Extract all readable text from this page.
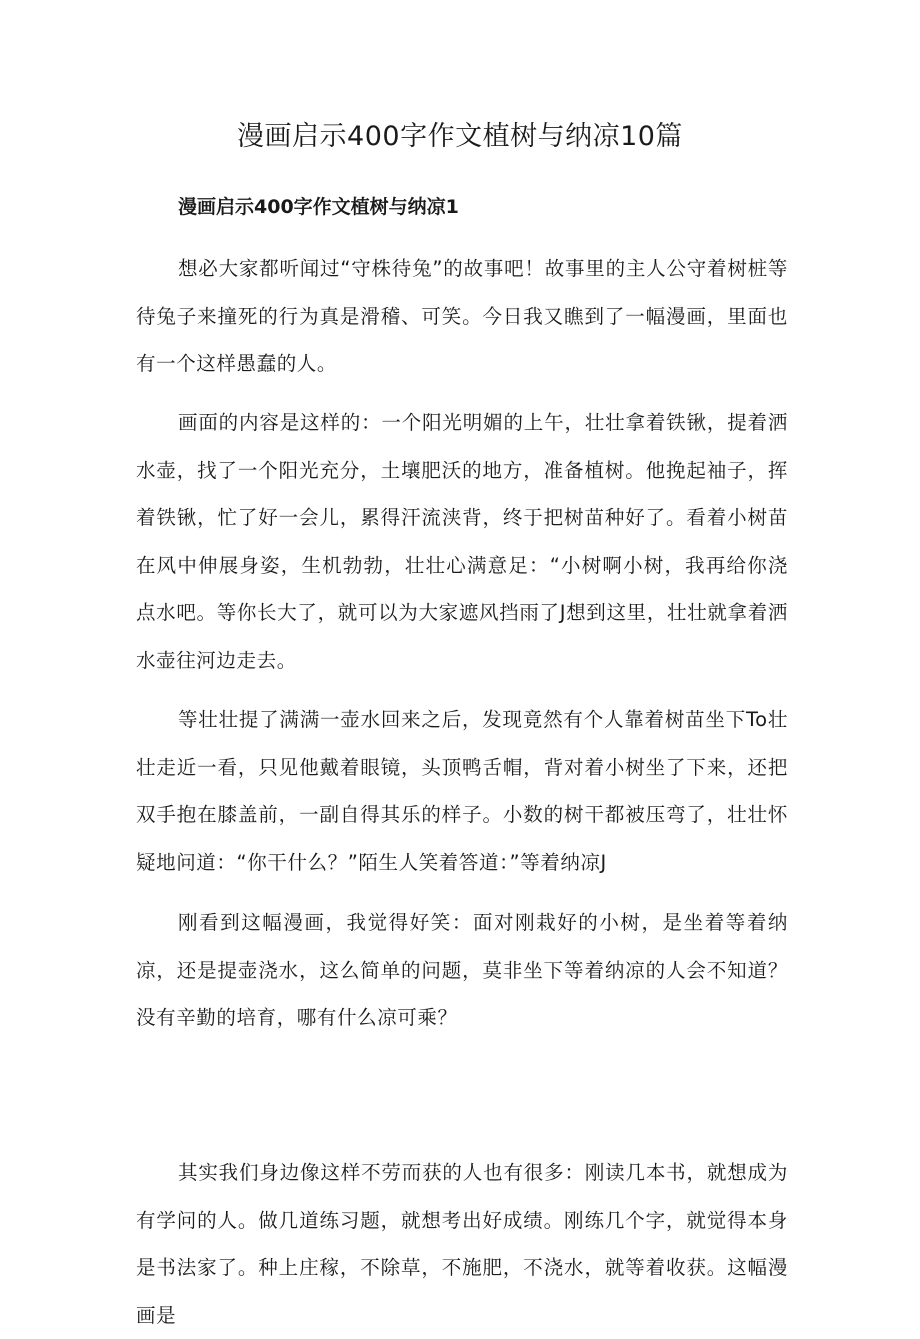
漫画启示400字作文植树与纳凉10篇
漫画启示400字作文植树与纳凉1

想必大家都听闻过“守株待兔”的故事吧！故事里的主人公守着树桩等待兔子来撞死的行为真是滑稽、可笑。今日我又瞧到了一幅漫画，里面也有一个这样愚蠢的人。

画面的内容是这样的：一个阳光明媚的上午，壮壮拿着铁锹，提着洒水壶，找了一个阳光充分，土壤肥沃的地方，准备植树。他挽起袖子，挥着铁锹，忙了好一会儿，累得汗流浃背，终于把树苗种好了。看着小树苗在风中伸展身姿，生机勃勃，壮壮心满意足：“小树啊小树，我再给你浇点水吧。等你长大了，就可以为大家遮风挡雨了J想到这里，壮壮就拿着洒水壶往河边走去。

等壮壮提了满满一壶水回来之后，发现竟然有个人靠着树苗坐下To壮壮走近一看，只见他戴着眼镜，头顶鸭舌帽，背对着小树坐了下来，还把双手抱在膝盖前，一副自得其乐的样子。小数的树干都被压弯了，壮壮怀疑地问道：“你干什么？”陌生人笑着答道：”等着纳凉J

刚看到这幅漫画，我觉得好笑：面对刚栽好的小树，是坐着等着纳凉，还是提壶浇水，这么简单的问题，莫非坐下等着纳凉的人会不知道？没有辛勤的培育，哪有什么凉可乘？

其实我们身边像这样不劳而获的人也有很多：刚读几本书，就想成为有学问的人。做几道练习题，就想考出好成绩。刚练几个字，就觉得本身是书法家了。种上庄稼，不除草，不施肥，不浇水，就等着收获。这幅漫画是
